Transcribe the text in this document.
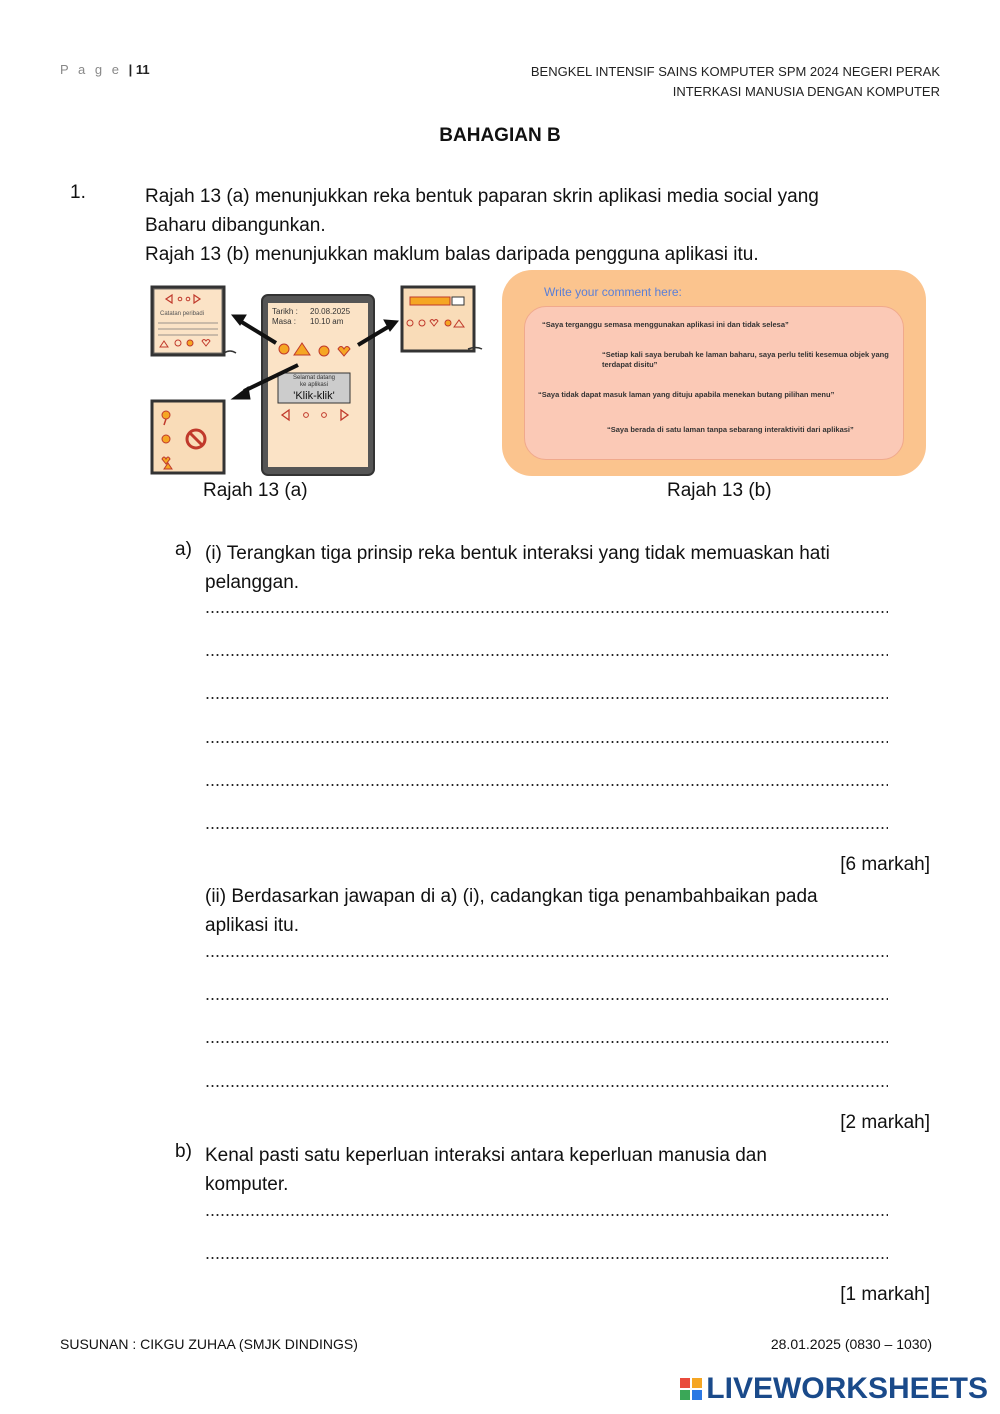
P a g e | 11	BENGKEL INTENSIF SAINS KOMPUTER SPM 2024 NEGERI PERAK
INTERKASI MANUSIA DENGAN KOMPUTER
BAHAGIAN B
1.	Rajah 13 (a) menunjukkan reka bentuk paparan skrin aplikasi media social yang
Baharu dibangunkan.
Rajah 13 (b) menunjukkan maklum balas daripada pengguna aplikasi itu.
Catatan peribadi	Tarikh : 20.08.2025
Masa : 10.10 am
Selamat datang
ke aplikasi
'Klik-klik'
Write your comment here:
“Saya terganggu semasa menggunakan aplikasi ini dan tidak selesa”
“Setiap kali saya berubah ke laman baharu, saya perlu teliti kesemua objek yang terdapat disitu”
“Saya tidak dapat masuk laman yang dituju apabila menekan butang pilihan menu”
“Saya berada di satu laman tanpa sebarang interaktiviti dari aplikasi”
Rajah 13 (a)	Rajah 13 (b)
a) (i) Terangkan tiga prinsip reka bentuk interaksi yang tidak memuaskan hati
pelanggan.
[6 markah]
(ii) Berdasarkan jawapan di a) (i), cadangkan tiga penambahbaikan pada
aplikasi itu.
[2 markah]
b) Kenal pasti satu keperluan interaksi antara keperluan manusia dan
komputer.
[1 markah]
SUSUNAN : CIKGU ZUHAA (SMJK DINDINGS)	28.01.2025 (0830 – 1030)
LIVEWORKSHEETS
